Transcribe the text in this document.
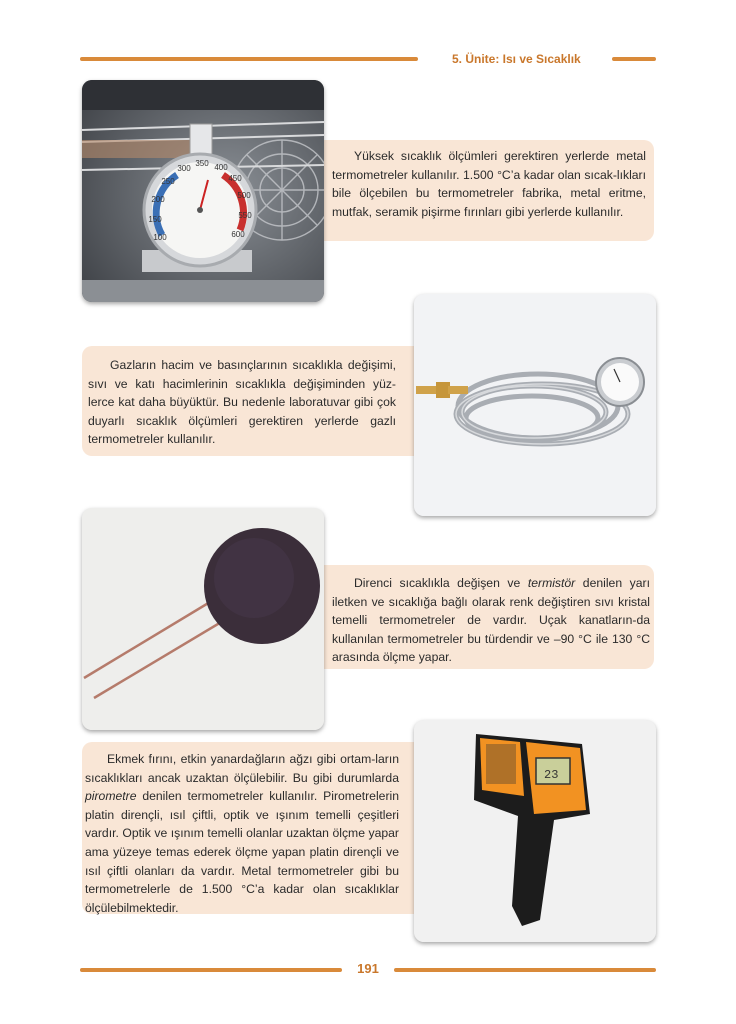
5. Ünite: Isı ve Sıcaklık

Yüksek sıcaklık ölçümleri gerektiren yerlerde metal termometreler kullanılır. 1.500 °C’a kadar olan sıcak-lıkları bile ölçebilen bu termometreler fabrika, metal eritme, mutfak, seramik pişirme fırınları gibi yerlerde kullanılır.

100
150
200
250
300
350 400
450
500
550
600

Gazların hacim ve basınçlarının sıcaklıkla değişimi, sıvı ve katı hacimlerinin sıcaklıkla değişiminden yüz-lerce kat daha büyüktür. Bu nedenle laboratuvar gibi çok duyarlı sıcaklık ölçümleri gerektiren yerlerde gazlı termometreler kullanılır.

Direnci sıcaklıkla değişen ve termistör denilen yarı iletken ve sıcaklığa bağlı olarak renk değiştiren sıvı kristal temelli termometreler de vardır. Uçak kanatların-da kullanılan termometreler bu türdendir ve –90 °C ile 130 °C arasında ölçme yapar.

Ekmek fırını, etkin yanardağların ağzı gibi ortam-ların sıcaklıkları ancak uzaktan ölçülebilir. Bu gibi durumlarda pirometre denilen termometreler kullanılır. Pirometrelerin platin dirençli, ısıl çiftli, optik ve ışınım temelli çeşitleri vardır. Optik ve ışınım temelli olanlar uzaktan ölçme yapar ama yüzeye temas ederek ölçme yapan platin dirençli ve ısıl çiftli olanları da vardır. Metal termometreler gibi bu termometrelerle de 1.500 °C’a kadar olan sıcaklıklar ölçülebilmektedir.

23
191
